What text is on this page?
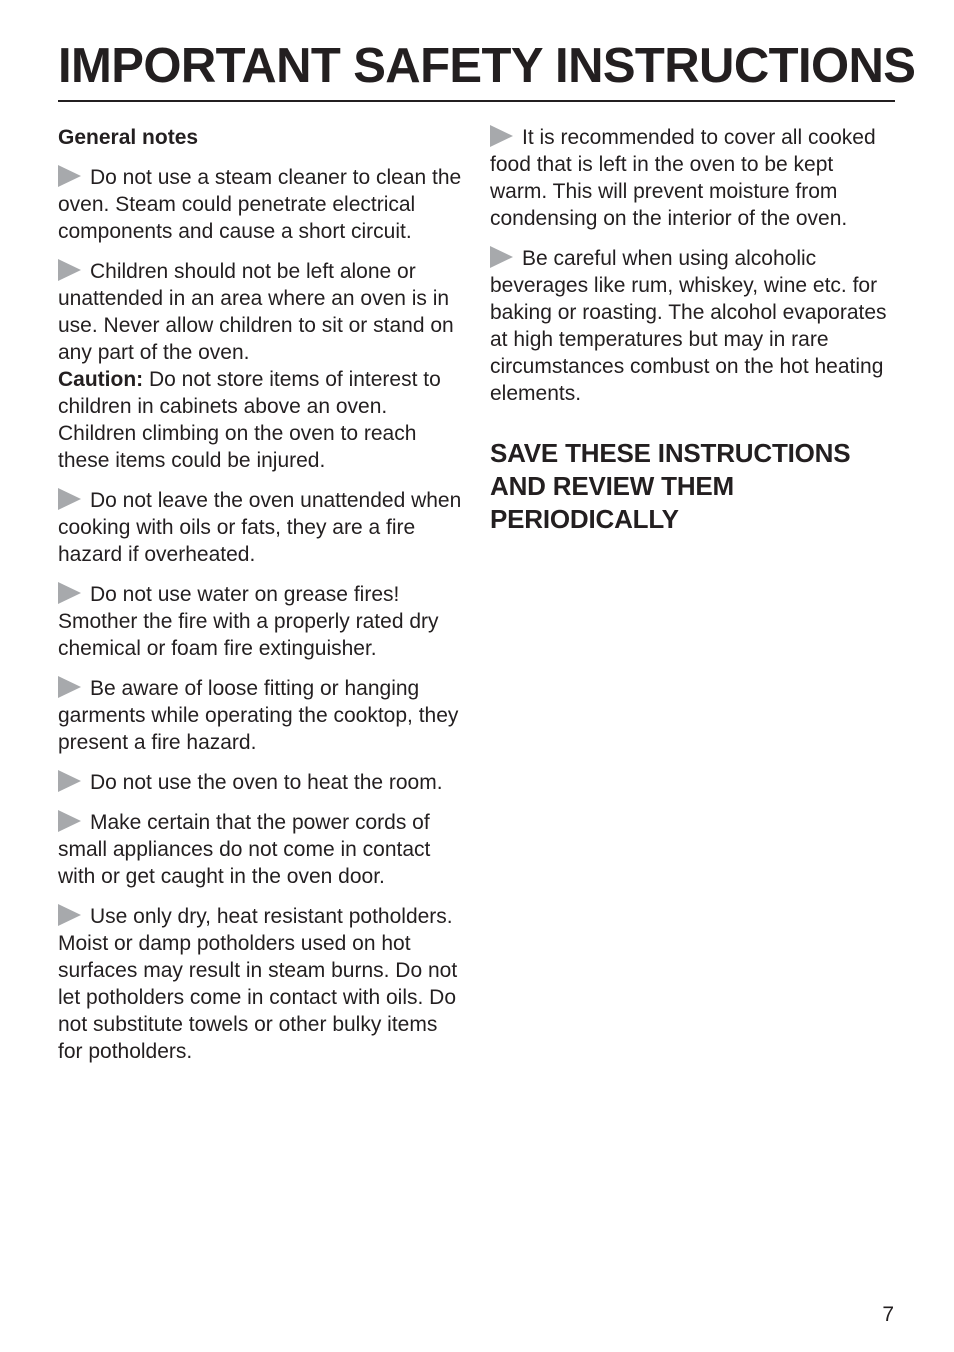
IMPORTANT SAFETY INSTRUCTIONS
General notes

Do not use a steam cleaner to clean the oven. Steam could penetrate electrical components and cause a short circuit.

Children should not be left alone or unattended in an area where an oven is in use. Never allow children to sit or stand on any part of the oven.
Caution: Do not store items of interest to children in cabinets above an oven. Children climbing on the oven to reach these items could be injured.

Do not leave the oven unattended when cooking with oils or fats, they are a fire hazard if overheated.

Do not use water on grease fires! Smother the fire with a properly rated dry chemical or foam fire extinguisher.

Be aware of loose fitting or hanging garments while operating the cooktop, they present a fire hazard.

Do not use the oven to heat the room.

Make certain that the power cords of small appliances do not come in contact with or get caught in the oven door.

Use only dry, heat resistant potholders. Moist or damp potholders used on hot surfaces may result in steam burns. Do not let potholders come in contact with oils. Do not substitute towels or other bulky items for potholders.

It is recommended to cover all cooked food that is left in the oven to be kept warm. This will prevent moisture from condensing on the interior of the oven.

Be careful when using alcoholic beverages like rum, whiskey, wine etc. for baking or roasting. The alcohol evaporates at high temperatures but may in rare circumstances combust on the hot heating elements.

SAVE THESE INSTRUCTIONS AND REVIEW THEM PERIODICALLY
7
